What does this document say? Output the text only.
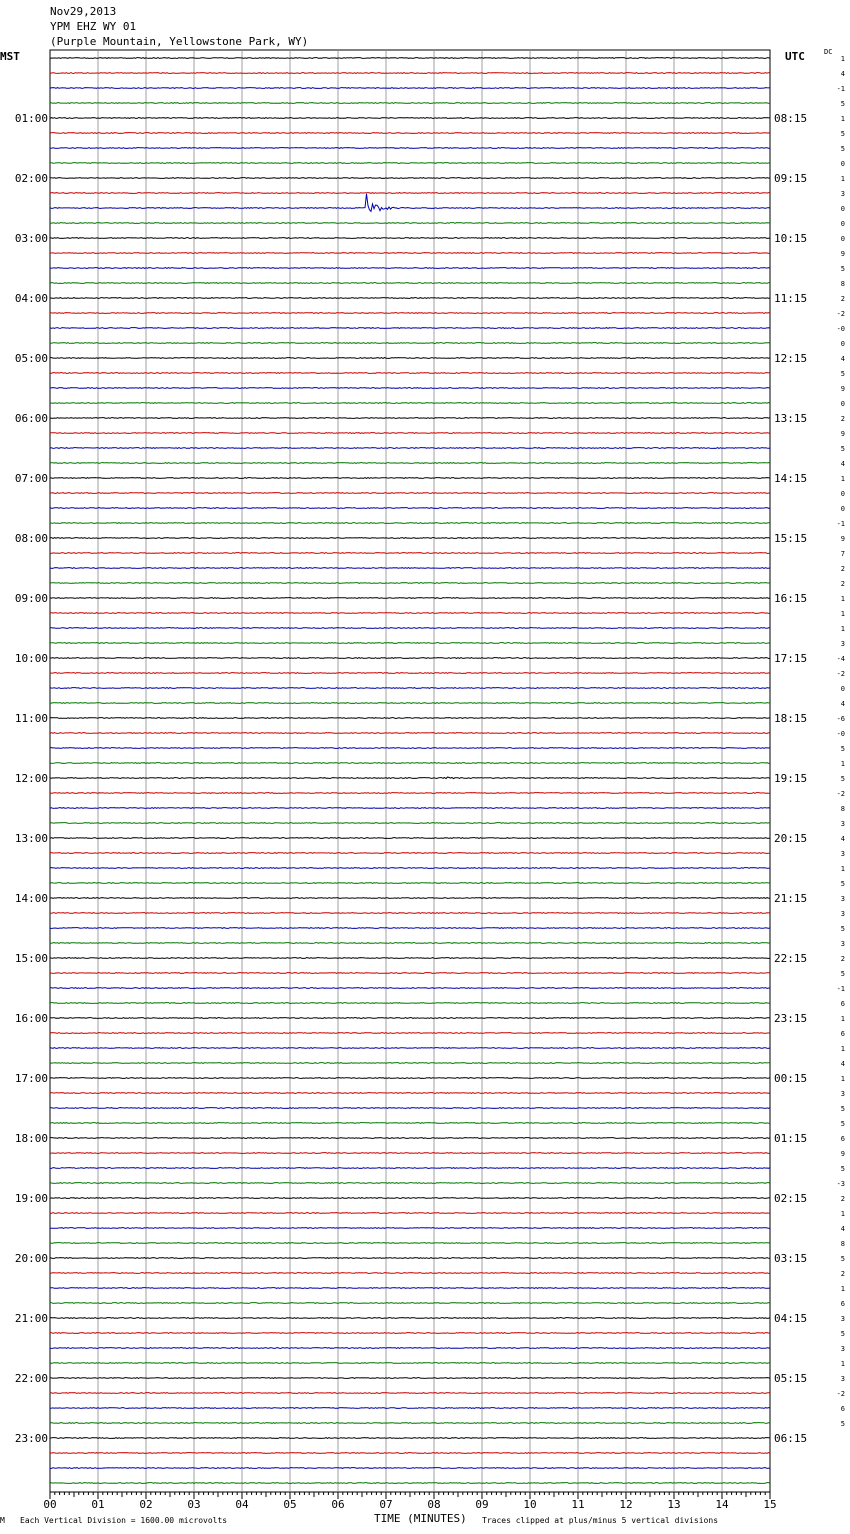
Nov29,2013
YPM EHZ WY 01
(Purple Mountain, Yellowstone Park, WY)
MST	UTC	DC
01:00
02:00
03:00
04:00
05:00
06:00
07:00
08:00
09:00
10:00
11:00
12:00
13:00
14:00
15:00
16:00
17:00
18:00
19:00
20:00
21:00
22:00
23:00
08:15
09:15
10:15
11:15
12:15
13:15
14:15
15:15
16:15
17:15
18:15
19:15
20:15
21:15
22:15
23:15
00:15
01:15
02:15
03:15
04:15
05:15
06:15
1
4
-1
5
1
5
5
0
1
3
0
0
0
9
5
8
2
-2
-0
0
4
5
9
0
2
9
5
4
1
0
0
-1
9
7
2
2
1
1
1
3
-4
-2
0
4
-6
-0
5
1
5
-2
8
3
4
3
1
5
3
3
5
3
2
5
-1
6
1
6
1
4
1
3
5
5
6
9
5
-3
2
1
4
8
5
2
1
6
3
5
3
1
3
-2
6
5
00	01	02	03	04	05	06	07	08	09	10	11	12	13	14	15
M Each Vertical Division = 1600.00 microvolts	TIME (MINUTES) Traces clipped at plus/minus 5 vertical divisions
